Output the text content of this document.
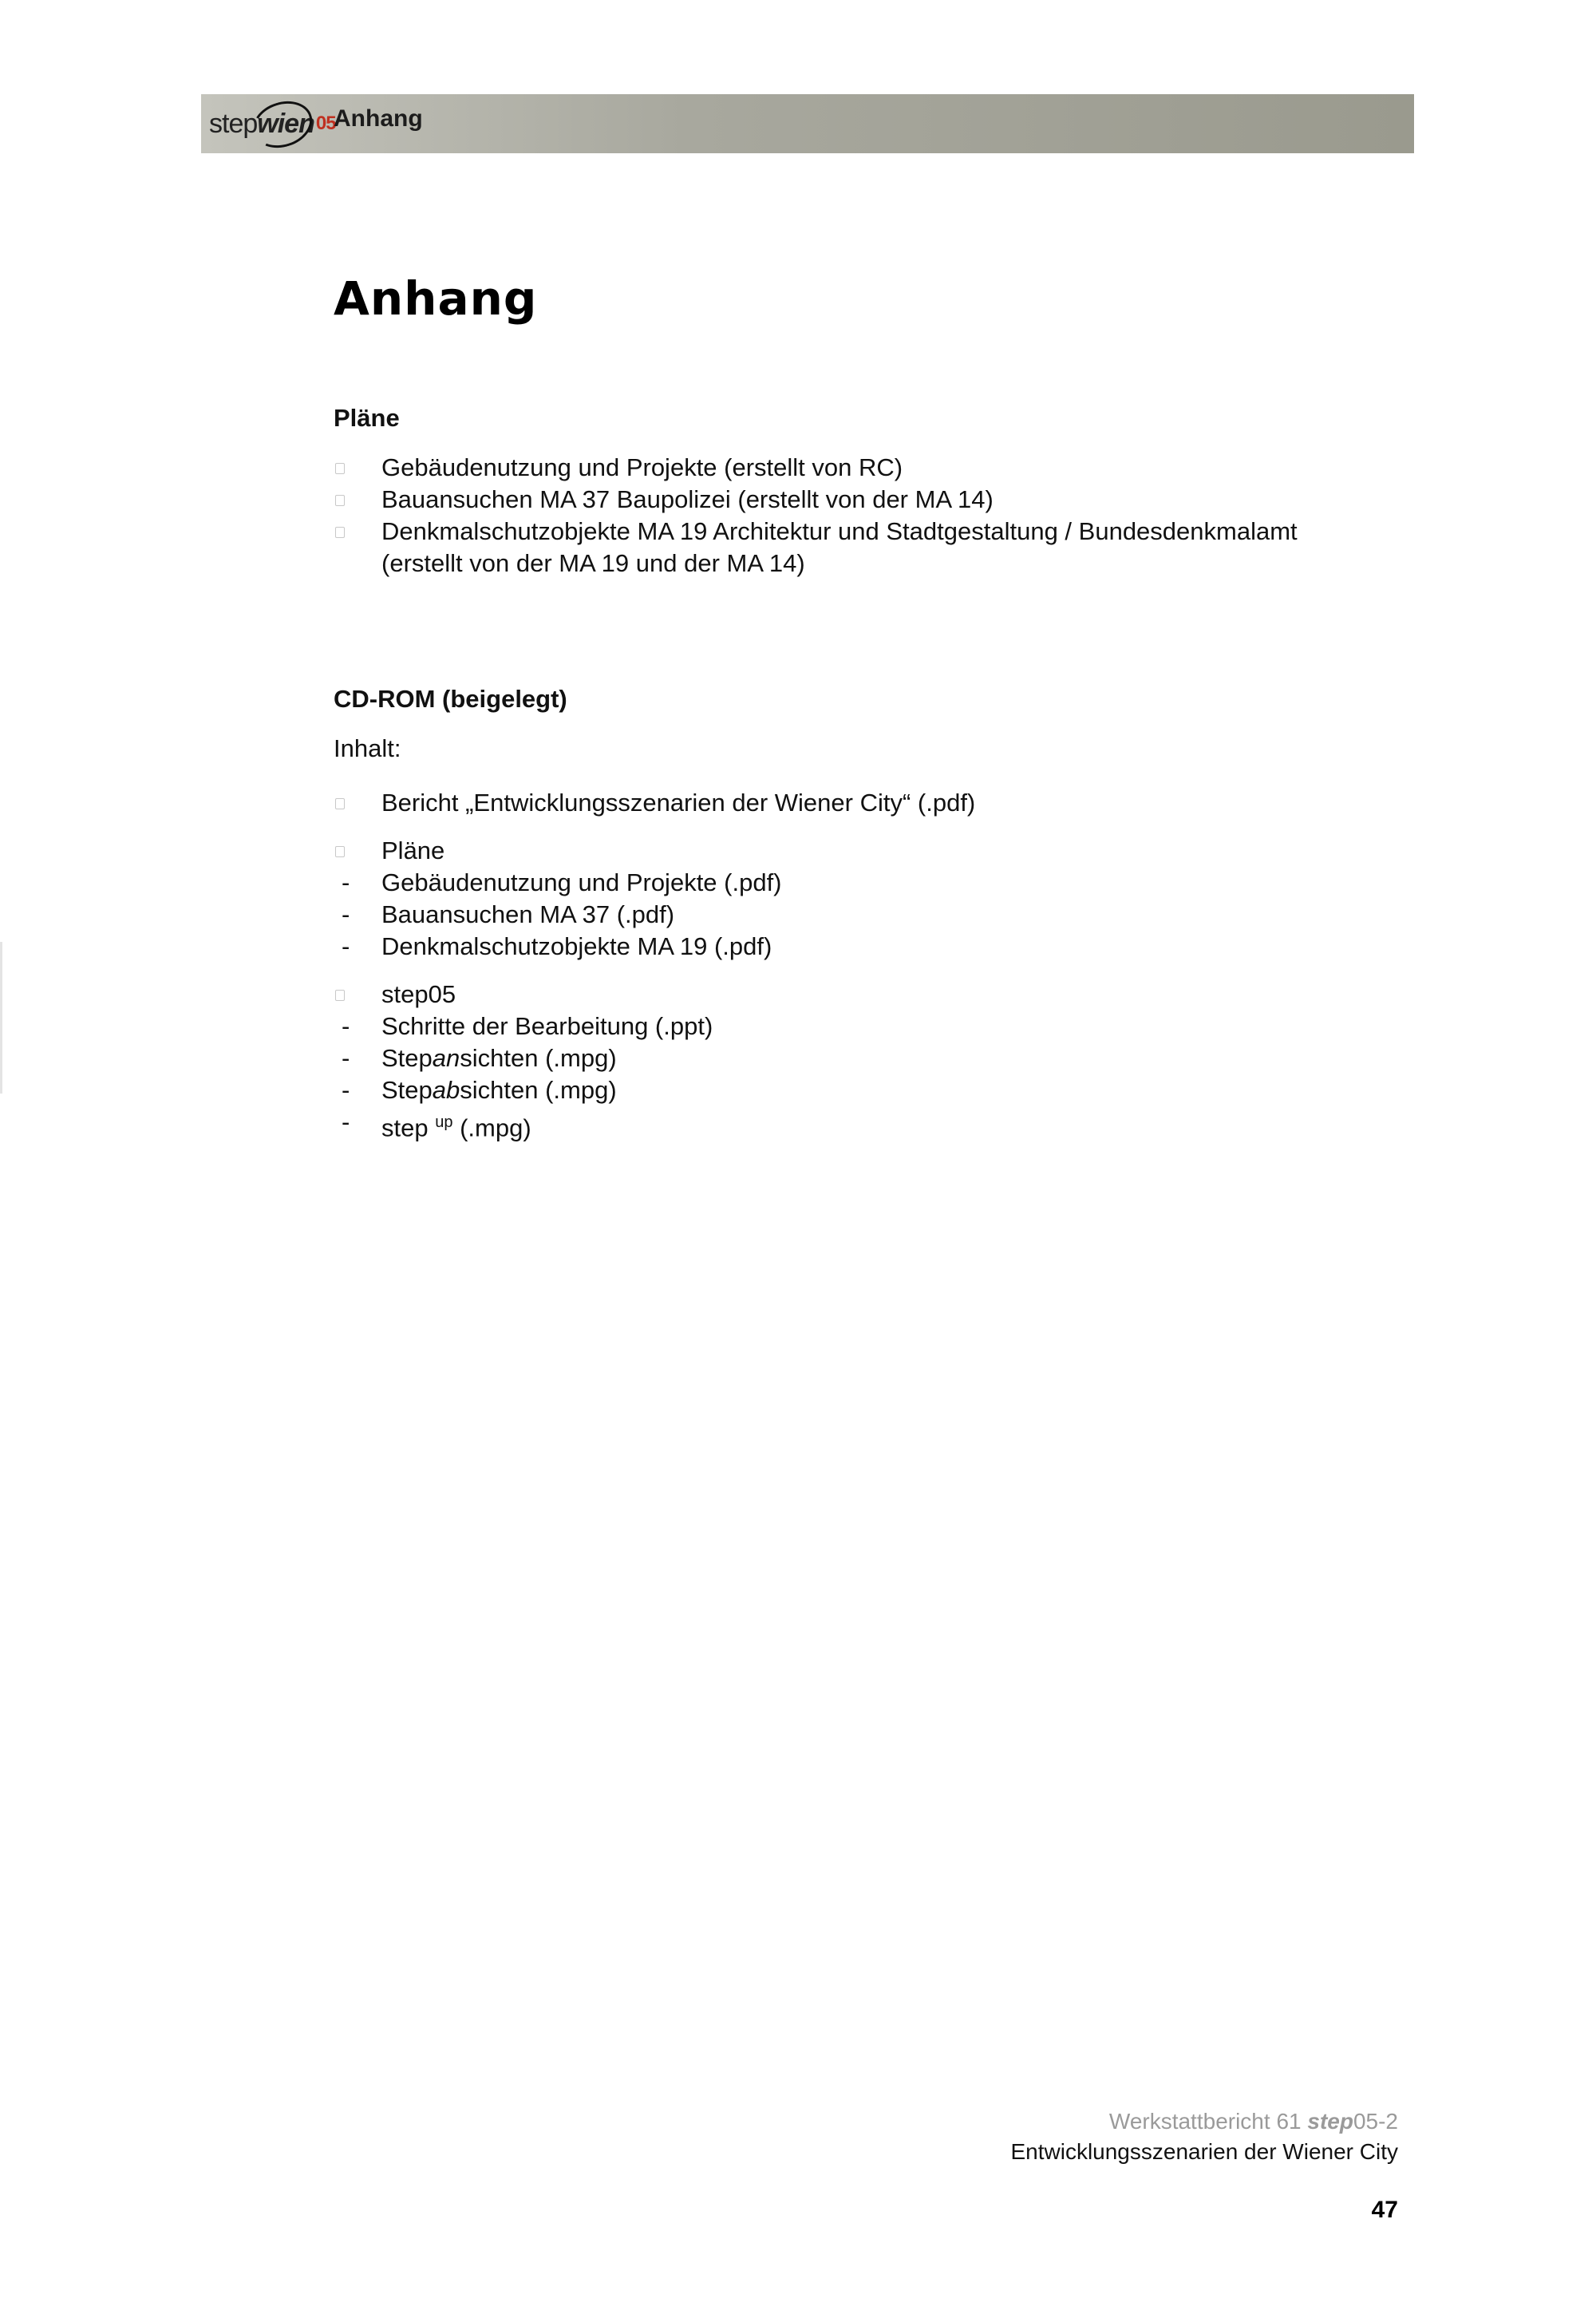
step wien 05
Anhang
Anhang
Pläne
Gebäudenutzung und Projekte (erstellt von RC)
Bauansuchen MA 37 Baupolizei (erstellt von der MA 14)
Denkmalschutzobjekte MA 19 Architektur und Stadtgestaltung / Bundesdenkmalamt
(erstellt von der MA 19 und der MA 14)
CD-ROM (beigelegt)
Inhalt:
Bericht „Entwicklungsszenarien der Wiener City“ (.pdf)
Pläne
- Gebäudenutzung und Projekte (.pdf)
- Bauansuchen MA 37 (.pdf)
- Denkmalschutzobjekte MA 19 (.pdf)
step05
- Schritte der Bearbeitung (.ppt)
- Stepansichten (.mpg)
- Stepabsichten (.mpg)
- step $^{up}$ (.mpg)
Werkstattbericht 61 step05-2
Entwicklungsszenarien der Wiener City
47
